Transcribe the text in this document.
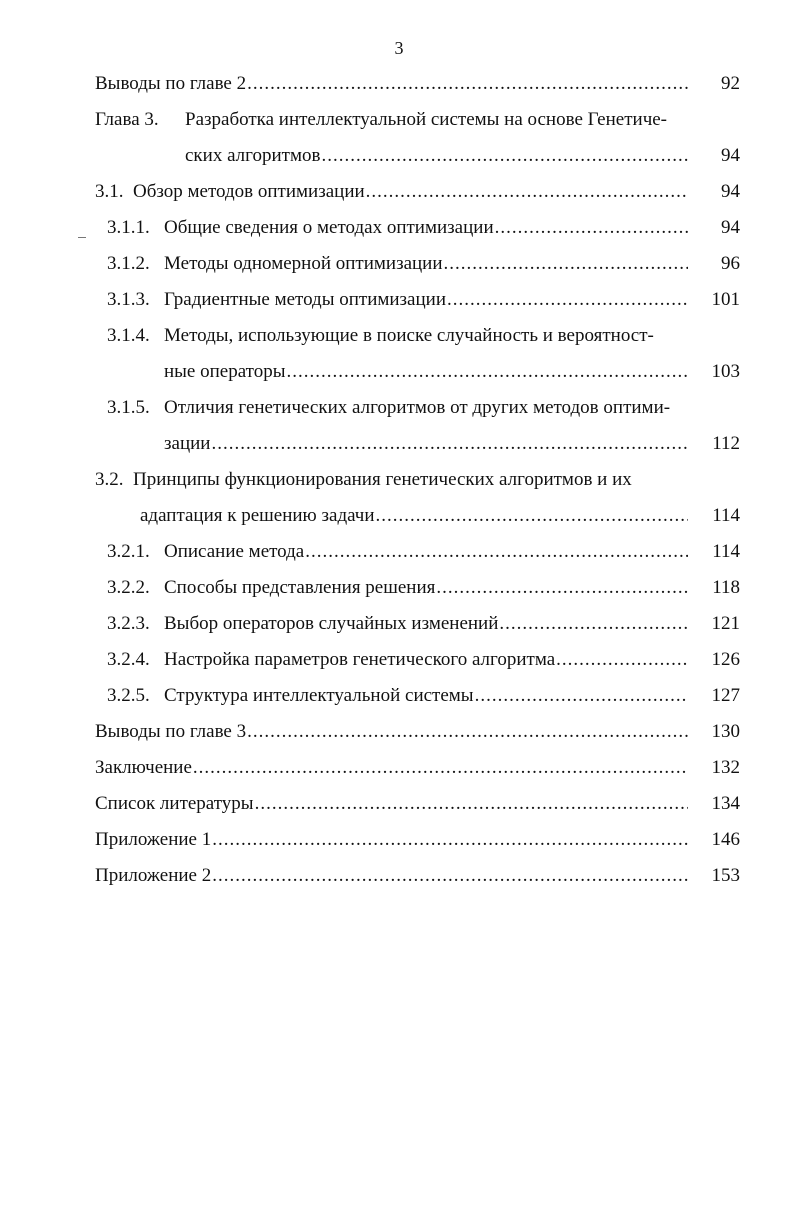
3
Выводы по главе 2 .....	92
Глава 3. Разработка интеллектуальной системы на основе Генетиче-
ских алгоритмов .....	94
3.1.  Обзор методов оптимизации .....	94
3.1.1. Общие сведения о методах оптимизации .....	94
3.1.2. Методы одномерной оптимизации .....	96
3.1.3. Градиентные методы оптимизации .....	101
3.1.4. Методы, использующие в поиске случайность и вероятност-
ные операторы .....	103
3.1.5. Отличия генетических алгоритмов от других методов оптими-
зации .....	112
3.2.  Принципы функционирования генетических алгоритмов и их
адаптация к решению задачи .....	114
3.2.1. Описание метода .....	114
3.2.2. Способы представления решения .....	118
3.2.3. Выбор операторов случайных изменений .....	121
3.2.4. Настройка параметров генетического алгоритма .....	126
3.2.5. Структура интеллектуальной системы .....	127
Выводы по главе 3 .....	130
Заключение .....	132
Список литературы .....	134
Приложение 1 .....	146
Приложение 2 .....	153
